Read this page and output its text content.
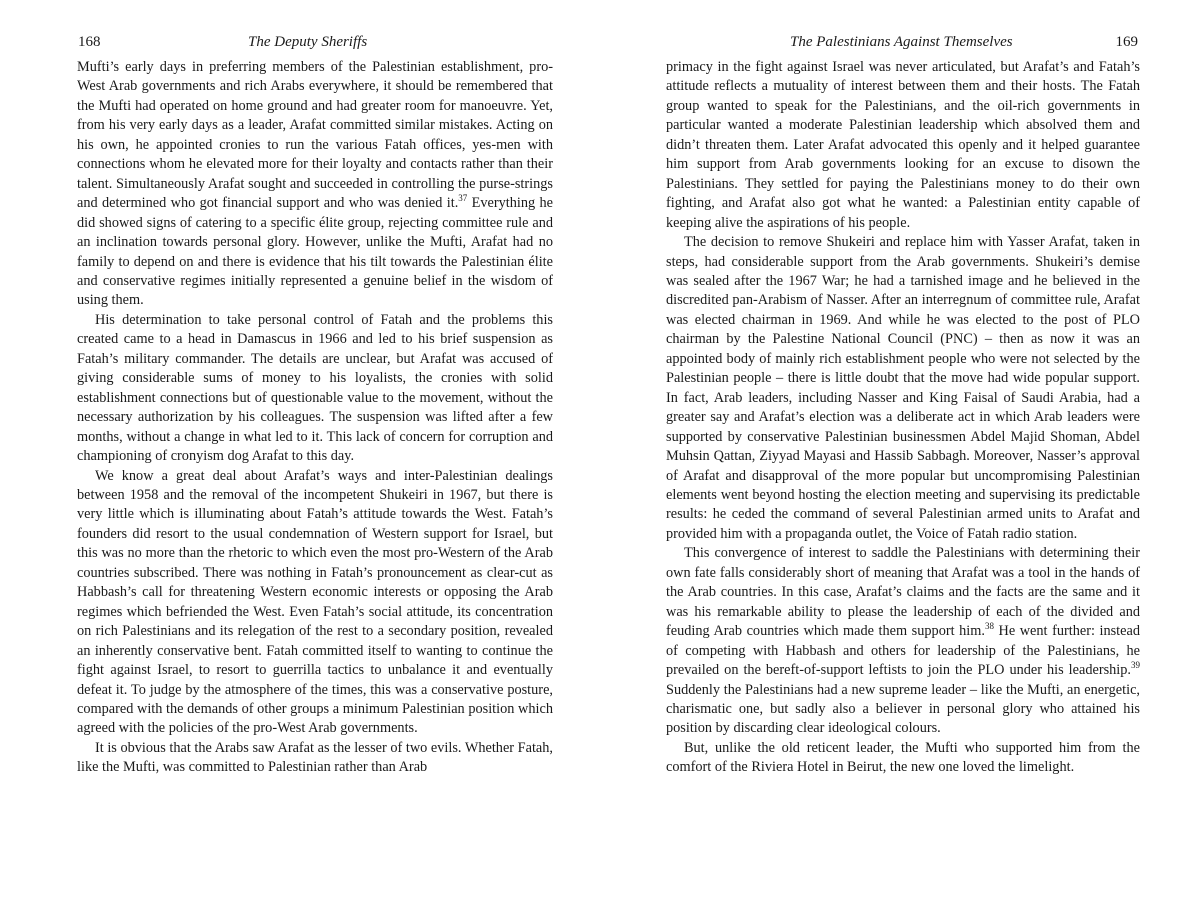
168	The Deputy Sheriffs

Mufti’s early days in preferring members of the Palestinian establishment, pro-West Arab governments and rich Arabs everywhere, it should be remembered that the Mufti had operated on home ground and had greater room for manoeuvre. Yet, from his very early days as a leader, Arafat committed similar mistakes. Acting on his own, he appointed cronies to run the various Fatah offices, yes-men with connections whom he elevated more for their loyalty and contacts rather than their talent. Simultaneously Arafat sought and succeeded in controlling the purse-strings and determined who got financial support and who was denied it.$^{37}$ Everything he did showed signs of catering to a specific élite group, rejecting committee rule and an inclination towards personal glory. However, unlike the Mufti, Arafat had no family to depend on and there is evidence that his tilt towards the Palestinian élite and conservative regimes initially represented a genuine belief in the wisdom of using them.

His determination to take personal control of Fatah and the problems this created came to a head in Damascus in 1966 and led to his brief suspension as Fatah’s military commander. The details are unclear, but Arafat was accused of giving considerable sums of money to his loyalists, the cronies with solid establishment connections but of questionable value to the movement, without the necessary authorization by his colleagues. The suspension was lifted after a few months, without a change in what led to it. This lack of concern for corruption and championing of cronyism dog Arafat to this day.

We know a great deal about Arafat’s ways and inter-Palestinian dealings between 1958 and the removal of the incompetent Shukeiri in 1967, but there is very little which is illuminating about Fatah’s attitude towards the West. Fatah’s founders did resort to the usual condemnation of Western support for Israel, but this was no more than the rhetoric to which even the most pro-Western of the Arab countries subscribed. There was nothing in Fatah’s pronouncement as clear-cut as Habbash’s call for threatening Western economic interests or opposing the Arab regimes which befriended the West. Even Fatah’s social attitude, its concentration on rich Palestinians and its relegation of the rest to a secondary position, revealed an inherently conservative bent. Fatah committed itself to wanting to continue the fight against Israel, to resort to guerrilla tactics to unbalance it and eventually defeat it. To judge by the atmosphere of the times, this was a conservative posture, compared with the demands of other groups a minimum Palestinian position which agreed with the policies of the pro-West Arab governments.

It is obvious that the Arabs saw Arafat as the lesser of two evils. Whether Fatah, like the Mufti, was committed to Palestinian rather than Arab

The Palestinians Against Themselves	169

primacy in the fight against Israel was never articulated, but Arafat’s and Fatah’s attitude reflects a mutuality of interest between them and their hosts. The Fatah group wanted to speak for the Palestinians, and the oil-rich governments in particular wanted a moderate Palestinian leadership which absolved them and didn’t threaten them. Later Arafat advocated this openly and it helped guarantee him support from Arab governments looking for an excuse to disown the Palestinians. They settled for paying the Palestinians money to do their own fighting, and Arafat also got what he wanted: a Palestinian entity capable of keeping alive the aspirations of his people.

The decision to remove Shukeiri and replace him with Yasser Arafat, taken in steps, had considerable support from the Arab governments. Shukeiri’s demise was sealed after the 1967 War; he had a tarnished image and he believed in the discredited pan-Arabism of Nasser. After an interregnum of committee rule, Arafat was elected chairman in 1969. And while he was elected to the post of PLO chairman by the Palestine National Council (PNC) – then as now it was an appointed body of mainly rich establishment people who were not selected by the Palestinian people – there is little doubt that the move had wide popular support. In fact, Arab leaders, including Nasser and King Faisal of Saudi Arabia, had a greater say and Arafat’s election was a deliberate act in which Arab leaders were supported by conservative Palestinian businessmen Abdel Majid Shoman, Abdel Muhsin Qattan, Ziyyad Mayasi and Hassib Sabbagh. Moreover, Nasser’s approval of Arafat and disapproval of the more popular but uncompromising Palestinian elements went beyond hosting the election meeting and supervising its predictable results: he ceded the command of several Palestinian armed units to Arafat and provided him with a propaganda outlet, the Voice of Fatah radio station.

This convergence of interest to saddle the Palestinians with determining their own fate falls considerably short of meaning that Arafat was a tool in the hands of the Arab countries. In this case, Arafat’s claims and the facts are the same and it was his remarkable ability to please the leadership of each of the divided and feuding Arab countries which made them support him.$^{38}$ He went further: instead of competing with Habbash and others for leadership of the Palestinians, he prevailed on the bereft-of-support leftists to join the PLO under his leadership.$^{39}$ Suddenly the Palestinians had a new supreme leader – like the Mufti, an energetic, charismatic one, but sadly also a believer in personal glory who attained his position by discarding clear ideological colours.

But, unlike the old reticent leader, the Mufti who supported him from the comfort of the Riviera Hotel in Beirut, the new one loved the limelight.
